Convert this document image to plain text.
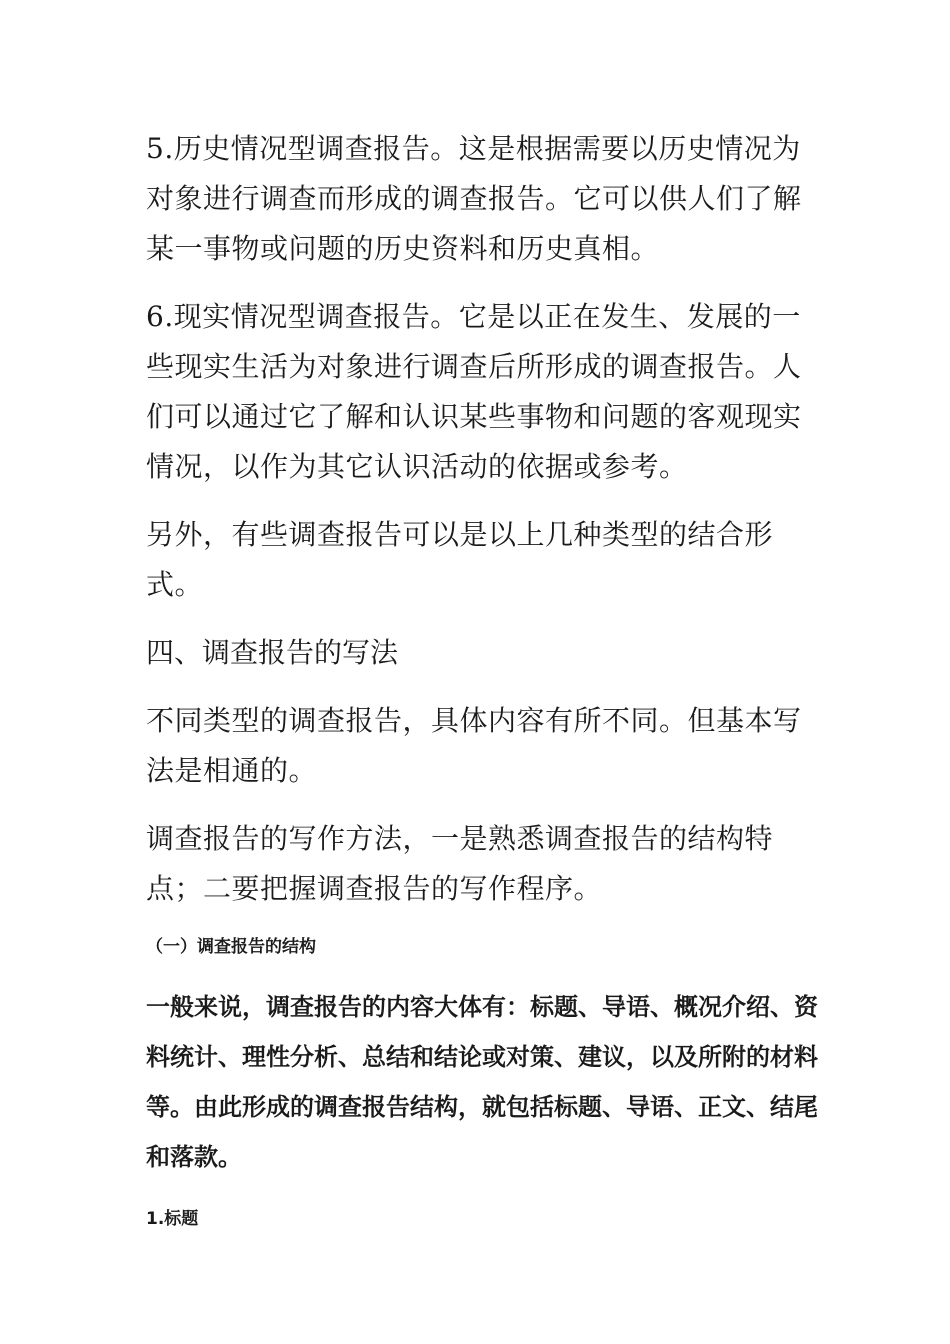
5.历史情况型调查报告。这是根据需要以历史情况为对象进行调查而形成的调查报告。它可以供人们了解某一事物或问题的历史资料和历史真相。

6.现实情况型调查报告。它是以正在发生、发展的一些现实生活为对象进行调查后所形成的调查报告。人们可以通过它了解和认识某些事物和问题的客观现实情况，以作为其它认识活动的依据或参考。

另外，有些调查报告可以是以上几种类型的结合形式。

四、调查报告的写法

不同类型的调查报告，具体内容有所不同。但基本写法是相通的。

调查报告的写作方法，一是熟悉调查报告的结构特点；二要把握调查报告的写作程序。

（一）调查报告的结构

一般来说，调查报告的内容大体有：标题、导语、概况介绍、资料统计、理性分析、总结和结论或对策、建议，以及所附的材料等。由此形成的调查报告结构，就包括标题、导语、正文、结尾和落款。

1.标题
